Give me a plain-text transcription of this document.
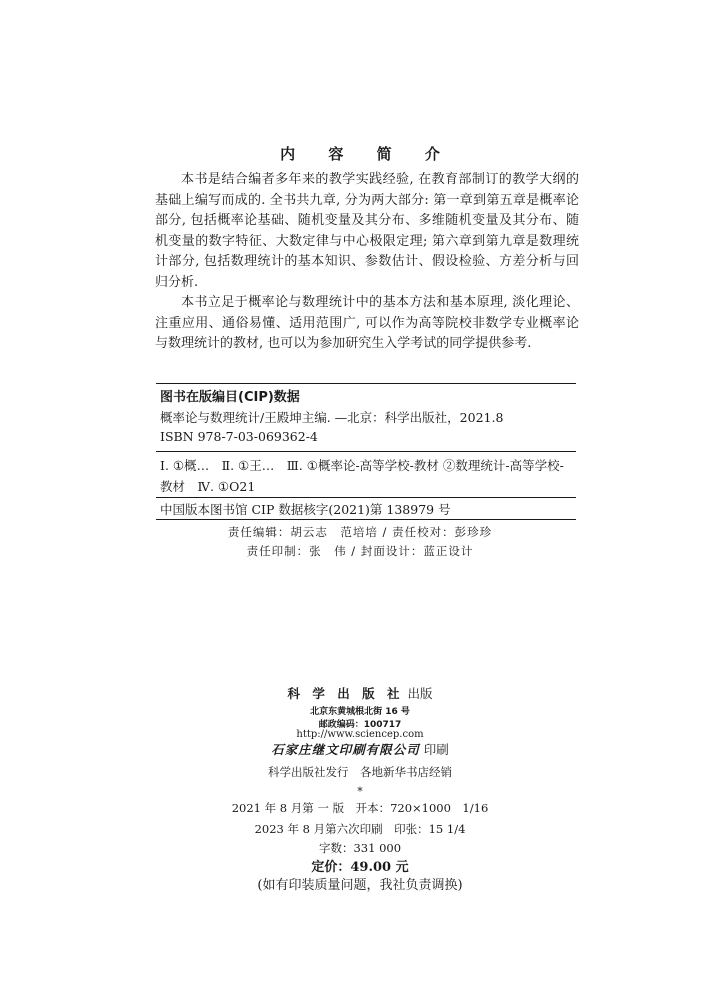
内 容 简 介

本书是结合编者多年来的教学实践经验, 在教育部制订的教学大纲的基础上编写而成的. 全书共九章, 分为两大部分: 第一章到第五章是概率论部分, 包括概率论基础、随机变量及其分布、多维随机变量及其分布、随机变量的数字特征、大数定律与中心极限定理; 第六章到第九章是数理统计部分, 包括数理统计的基本知识、参数估计、假设检验、方差分析与回归分析.

本书立足于概率论与数理统计中的基本方法和基本原理, 淡化理论、注重应用、通俗易懂、适用范围广, 可以作为高等院校非数学专业概率论与数理统计的教材, 也可以为参加研究生入学考试的同学提供参考.

图书在版编目(CIP)数据
概率论与数理统计/王殿坤主编. —北京：科学出版社，2021.8
ISBN 978-7-03-069362-4
Ⅰ. ①概…　Ⅱ. ①王…　Ⅲ. ①概率论-高等学校-教材 ②数理统计-高等学校-教材　Ⅳ. ①O21
中国版本图书馆 CIP 数据核字(2021)第 138979 号
责任编辑：胡云志　范培培 / 责任校对：彭珍珍
责任印制：张　伟 / 封面设计：蓝正设计
科 学 出 版 社 出版
北京东黄城根北街 16 号
邮政编码：100717
http://www.sciencep.com
石家庄继文印刷有限公司 印刷
科学出版社发行　各地新华书店经销
*
2021 年 8 月第 一 版　开本：720×1000　1/16
2023 年 8 月第六次印刷　印张：15 1/4
字数：331 000
定价：49.00 元
(如有印装质量问题，我社负责调换)
